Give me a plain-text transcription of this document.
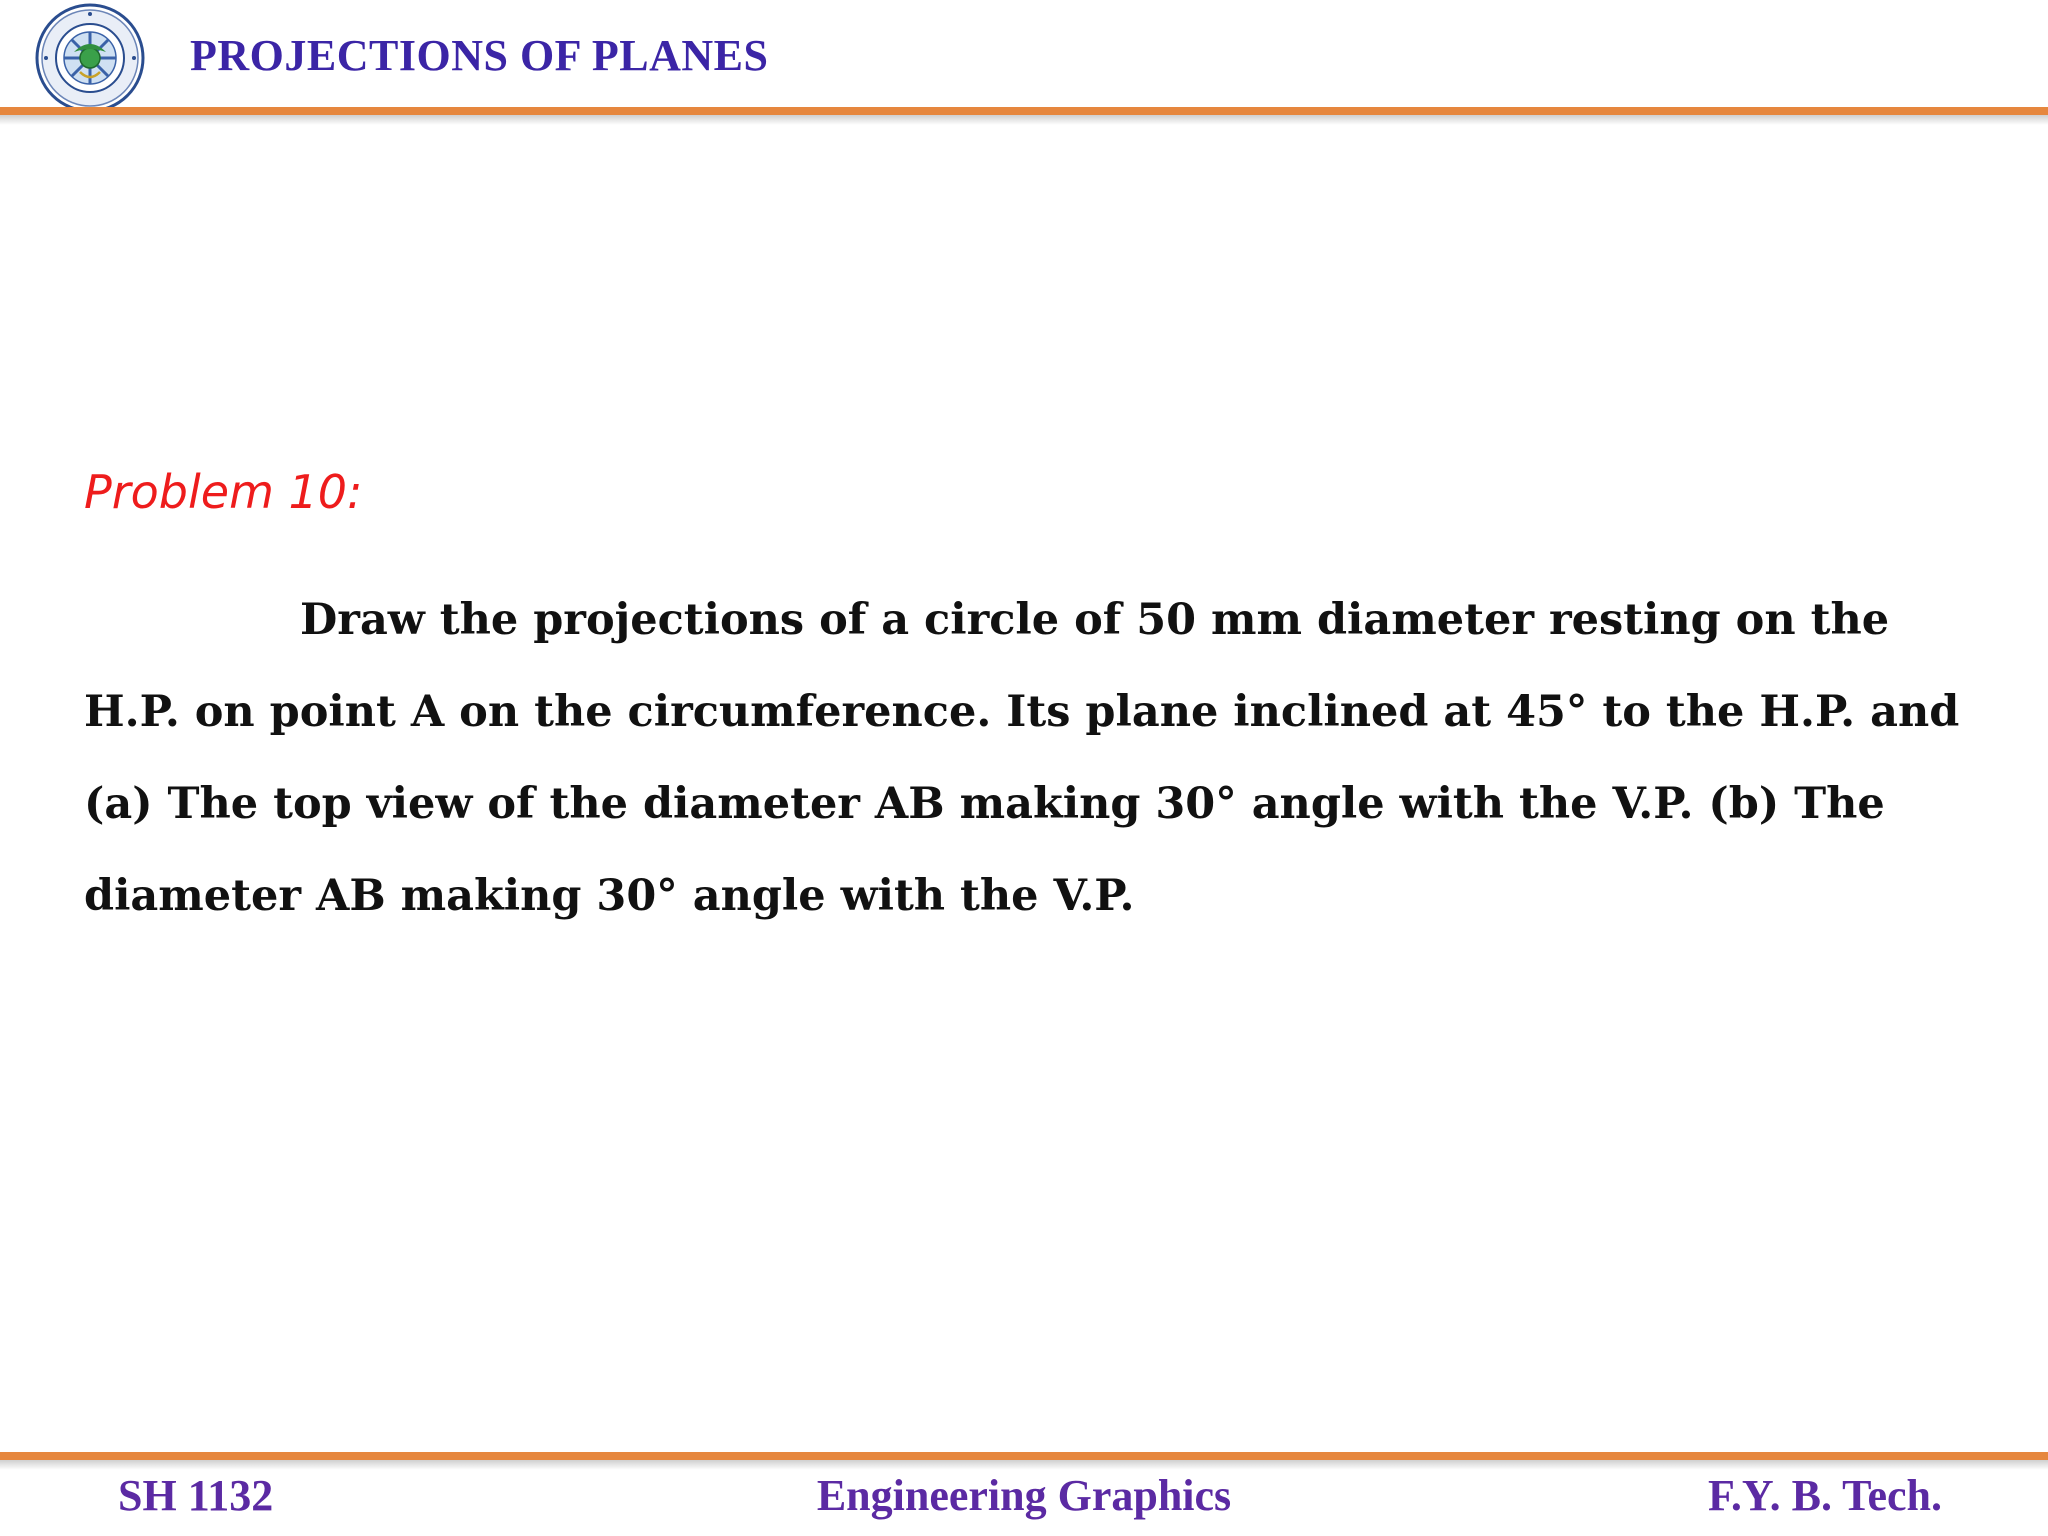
PROJECTIONS OF PLANES
Problem 10:

Draw the projections of a circle of 50 mm diameter resting on the H.P. on point A on the circumference. Its plane inclined at 45° to the H.P. and (a) The top view of the diameter AB making 30° angle with the V.P. (b) The diameter AB making 30° angle with the V.P.

SH 1132	Engineering Graphics	F.Y. B. Tech.
